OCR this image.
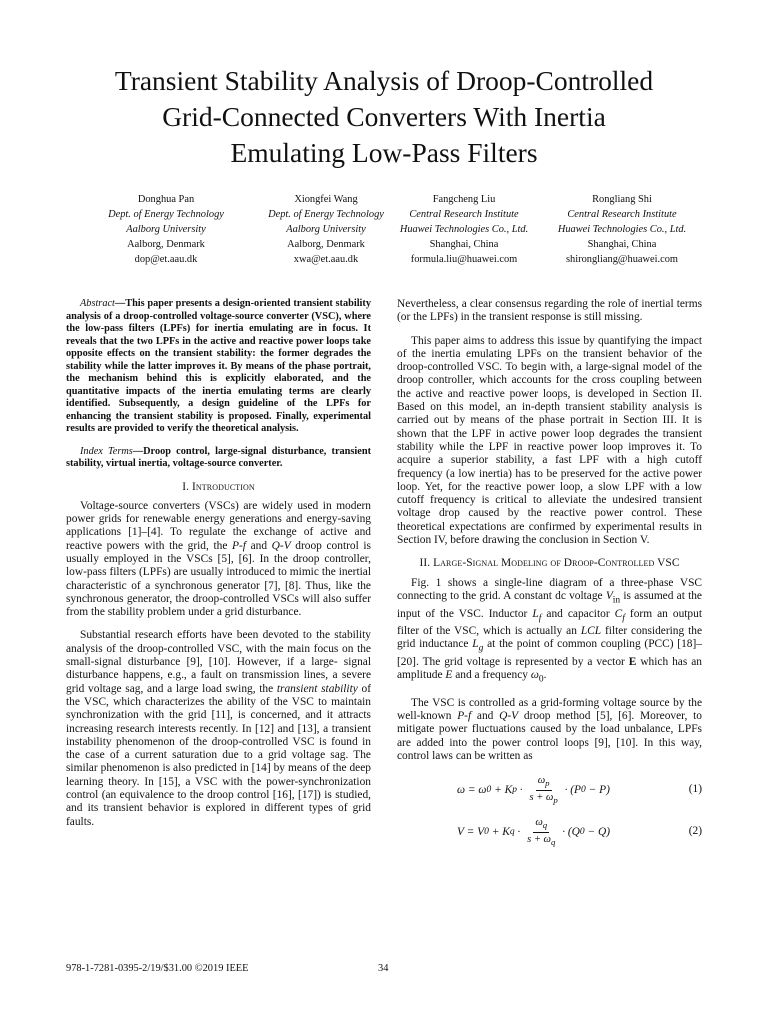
Transient Stability Analysis of Droop-Controlled
Grid-Connected Converters With Inertia
Emulating Low-Pass Filters
Donghua Pan
Dept. of Energy Technology
Aalborg University
Aalborg, Denmark
dop@et.aau.dk
Xiongfei Wang
Dept. of Energy Technology
Aalborg University
Aalborg, Denmark
xwa@et.aau.dk
Fangcheng Liu
Central Research Institute
Huawei Technologies Co., Ltd.
Shanghai, China
formula.liu@huawei.com
Rongliang Shi
Central Research Institute
Huawei Technologies Co., Ltd.
Shanghai, China
shirongliang@huawei.com

Abstract—This paper presents a design-oriented transient stability analysis of a droop-controlled voltage-source converter (VSC), where the low-pass filters (LPFs) for inertia emulating are in focus. It reveals that the two LPFs in the active and reactive power loops take opposite effects on the transient stability: the former degrades the stability while the latter improves it. By means of the phase portrait, the mechanism behind this is explicitly elaborated, and the quantitative impacts of the inertia emulating terms are clearly identified. Subsequently, a design guideline of the LPFs for enhancing the transient stability is proposed. Finally, experimental results are provided to verify the theoretical analysis.

Index Terms—Droop control, large-signal disturbance, transient stability, virtual inertia, voltage-source converter.

I. Introduction

Voltage-source converters (VSCs) are widely used in modern power grids for renewable energy generations and energy-saving applications [1]–[4]. To regulate the exchange of active and reactive powers with the grid, the P-f and Q-V droop control is usually employed in the VSCs [5], [6]. In the droop controller, low-pass filters (LPFs) are usually introduced to mimic the inertial characteristic of a synchronous generator [7], [8]. Thus, like the synchronous generator, the droop-controlled VSCs will also suffer from the stability problem under a grid disturbance.

Substantial research efforts have been devoted to the stability analysis of the droop-controlled VSC, with the main focus on the small-signal disturbance [9], [10]. However, if a large- signal disturbance happens, e.g., a fault on transmission lines, a severe grid voltage sag, and a large load swing, the transient stability of the VSC, which characterizes the ability of the VSC to maintain synchronization with the grid [11], is concerned, and it attracts increasing research interests recently. In [12] and [13], a transient instability phenomenon of the droop-controlled VSC is found in the case of a current saturation due to a grid voltage sag. The similar phenomenon is also predicted in [14] by means of the deep learning theory. In [15], a VSC with the power-synchronization control (an equivalence to the droop control [16], [17]) is studied, and its transient behavior is explored in different types of grid faults.

Nevertheless, a clear consensus regarding the role of inertial terms (or the LPFs) in the transient response is still missing.

This paper aims to address this issue by quantifying the impact of the inertia emulating LPFs on the transient behavior of the droop-controlled VSC. To begin with, a large-signal model of the droop controller, which accounts for the cross coupling between the active and reactive power loops, is developed in Section II. Based on this model, an in-depth transient stability analysis is carried out by means of the phase portrait in Section III. It is shown that the LPF in active power loop degrades the transient stability while the LPF in reactive power loop improves it. To acquire a superior stability, a fast LPF with a high cutoff frequency (a low inertia) has to be preserved for the active power loop. Yet, for the reactive power loop, a slow LPF with a low cutoff frequency is critical to alleviate the undesired transient voltage drop caused by the reactive power control. These theoretical expectations are confirmed by experimental results in Section IV, before drawing the conclusion in Section V.

II. Large-Signal Modeling of Droop-Controlled VSC

Fig. 1 shows a single-line diagram of a three-phase VSC connecting to the grid. A constant dc voltage $V_{in}$ is assumed at the input of the VSC. Inductor $L_f$ and capacitor $C_f$ form an output filter of the VSC, which is actually an LCL filter considering the grid inductance $L_g$ at the point of common coupling (PCC) [18]–[20]. The grid voltage is represented by a vector E which has an amplitude E and a frequency $\omega_0$.

The VSC is controlled as a grid-forming voltage source by the well-known P-f and Q-V droop method [5], [6]. Moreover, to mitigate power fluctuations caused by the load unbalance, LPFs are added into the power control loops [9], [10]. In this way, control laws can be written as

ω = ω 0 + K $p \cdot \frac{\omega_p}{s + \omega_p} \cdot (P$ 0 − P)	(1)
V = V 0 + K $q \cdot \frac{\omega_q}{s + \omega_q} \cdot (Q$ 0 − Q)	(2)
978-1-7281-0395-2/19/$31.00 ©2019 IEEE	34
